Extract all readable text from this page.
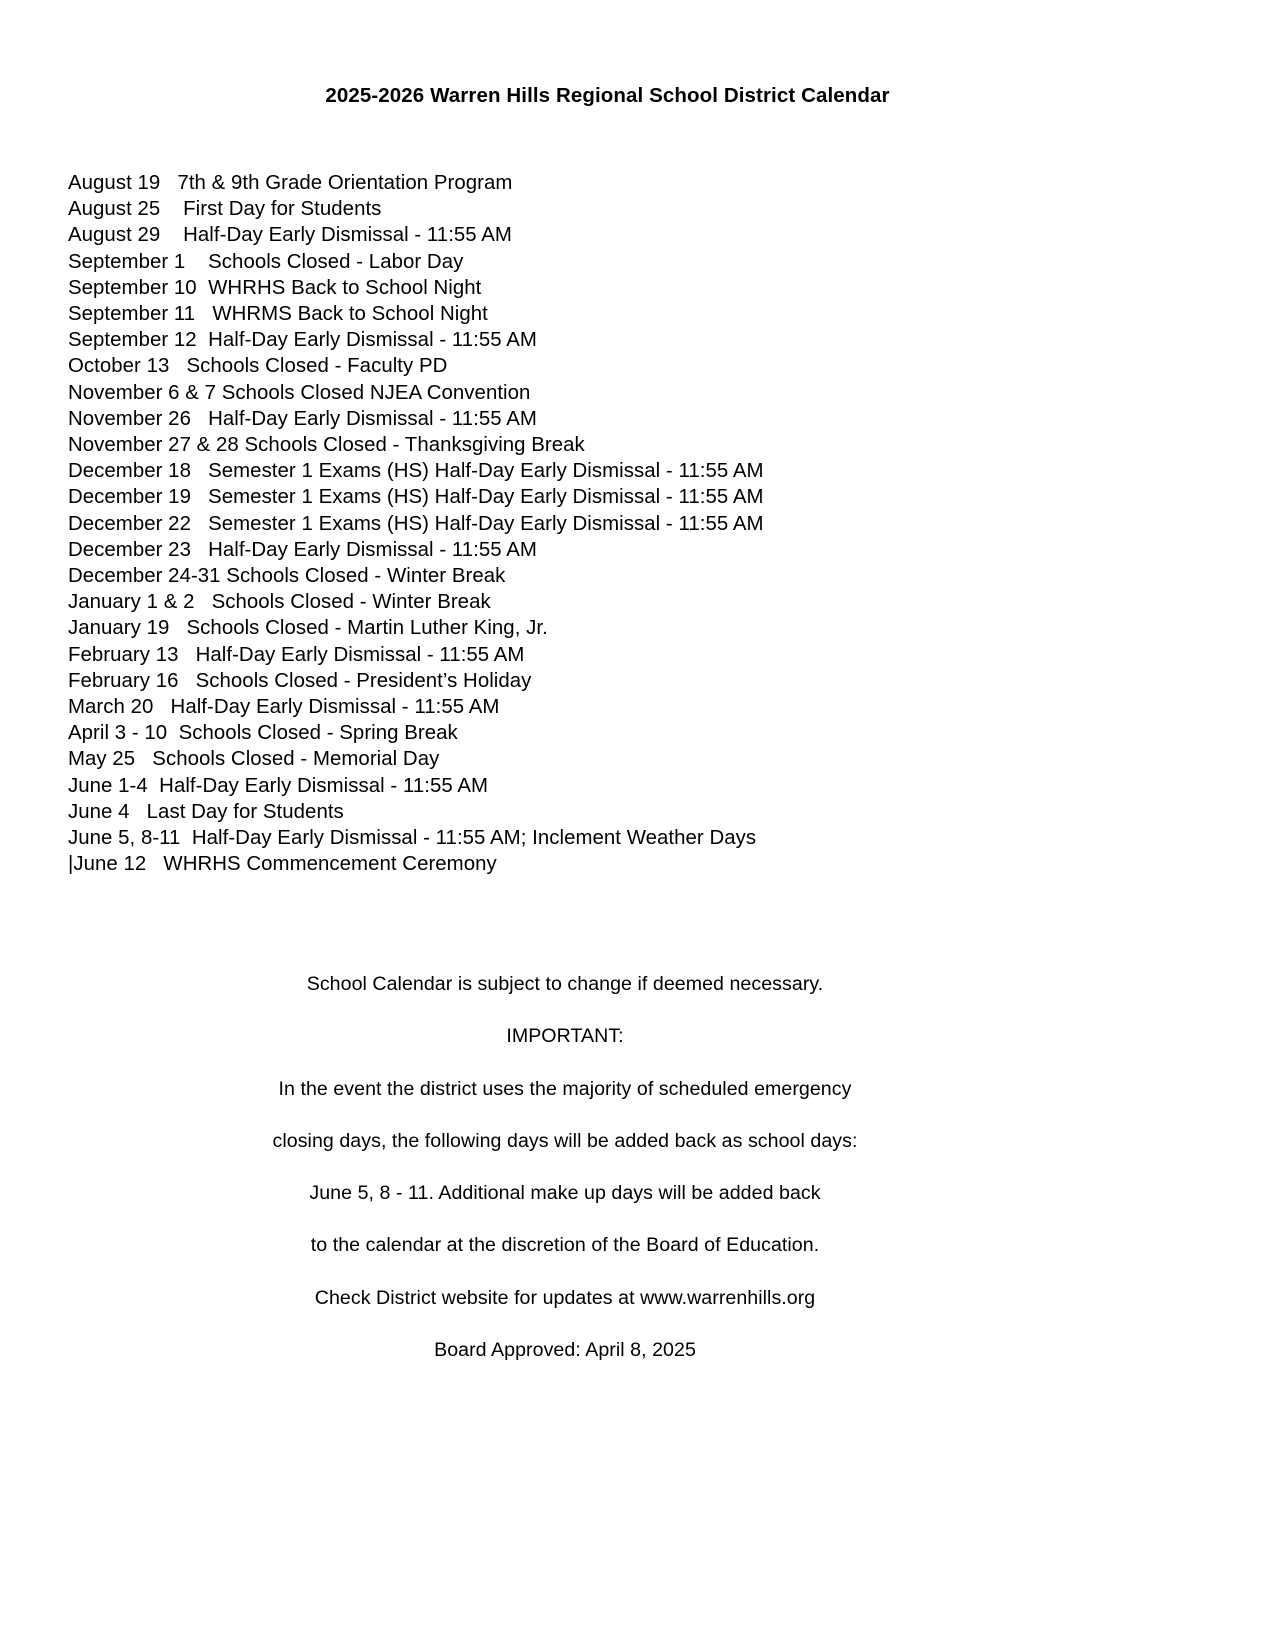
2025-2026 Warren Hills Regional School District Calendar
August 19   7th & 9th Grade Orientation Program
August 25    First Day for Students
August 29    Half-Day Early Dismissal - 11:55 AM
September 1    Schools Closed - Labor Day
September 10  WHRHS Back to School Night
September 11   WHRMS Back to School Night
September 12  Half-Day Early Dismissal - 11:55 AM
October 13   Schools Closed - Faculty PD
November 6 & 7 Schools Closed NJEA Convention
November 26   Half-Day Early Dismissal - 11:55 AM
November 27 & 28 Schools Closed - Thanksgiving Break
December 18   Semester 1 Exams (HS) Half-Day Early Dismissal - 11:55 AM
December 19   Semester 1 Exams (HS) Half-Day Early Dismissal - 11:55 AM
December 22   Semester 1 Exams (HS) Half-Day Early Dismissal - 11:55 AM
December 23   Half-Day Early Dismissal - 11:55 AM
December 24-31 Schools Closed - Winter Break
January 1 & 2   Schools Closed - Winter Break
January 19   Schools Closed - Martin Luther King, Jr.
February 13   Half-Day Early Dismissal - 11:55 AM
February 16   Schools Closed - President’s Holiday
March 20   Half-Day Early Dismissal - 11:55 AM
April 3 - 10  Schools Closed - Spring Break
May 25   Schools Closed - Memorial Day
June 1-4  Half-Day Early Dismissal - 11:55 AM
June 4   Last Day for Students
June 5, 8-11  Half-Day Early Dismissal - 11:55 AM; Inclement Weather Days
|June 12   WHRHS Commencement Ceremony
School Calendar is subject to change if deemed necessary.
IMPORTANT:
In the event the district uses the majority of scheduled emergency
closing days, the following days will be added back as school days:
June 5, 8 - 11. Additional make up days will be added back
to the calendar at the discretion of the Board of Education.
Check District website for updates at www.warrenhills.org
Board Approved: April 8, 2025
